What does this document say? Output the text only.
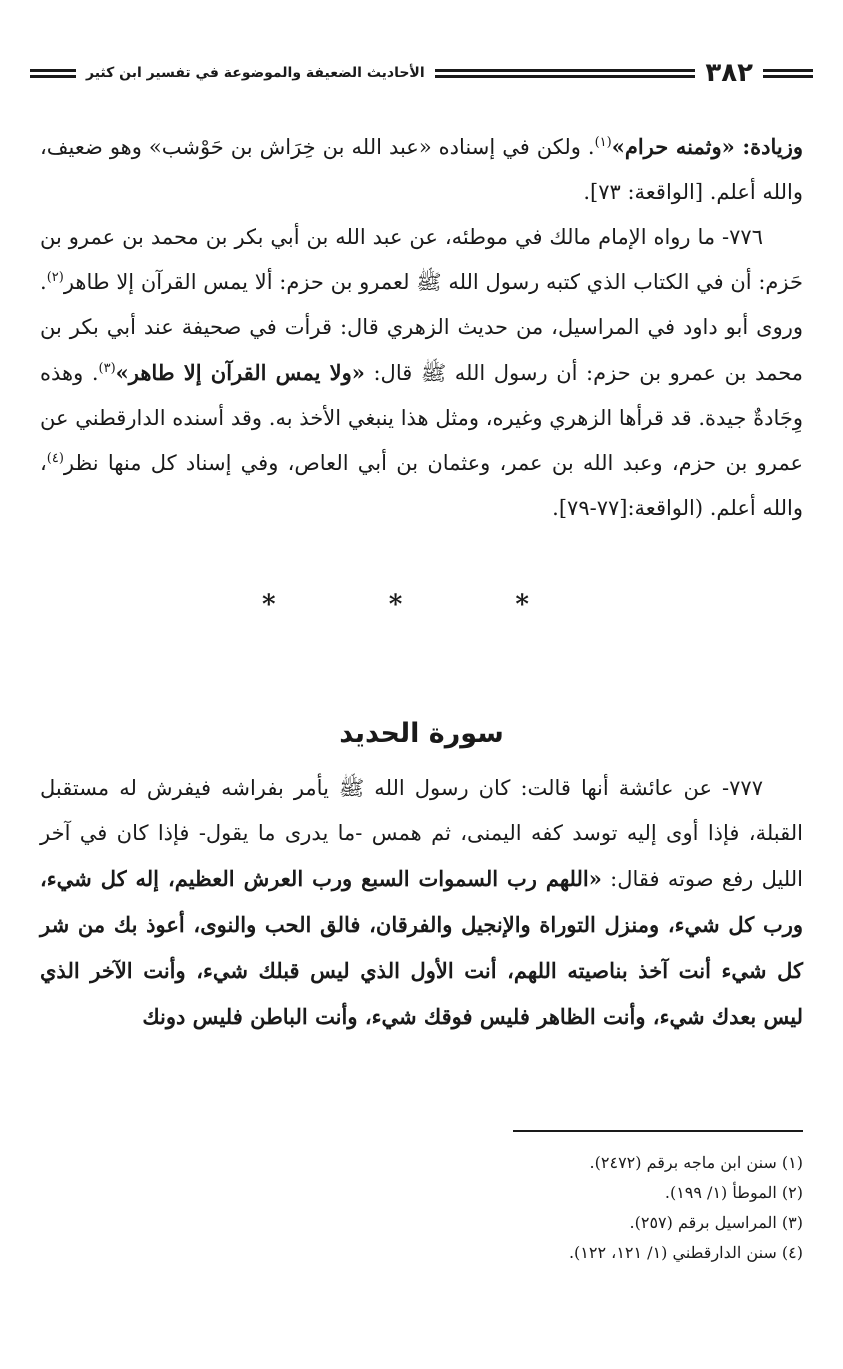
٣٨٢
الأحاديث الضعيفة والموضوعة في تفسير ابن كثير

وزيادة: «وثمنه حرام»$^{(١)}$. ولكن في إسناده «عبد الله بن خِرَاش بن حَوْشب» وهو ضعيف، والله أعلم. [الواقعة: ٧٣].

٧٧٦- ما رواه الإمام مالك في موطئه، عن عبد الله بن أبي بكر بن محمد بن عمرو بن حَزم: أن في الكتاب الذي كتبه رسول الله ﷺ لعمرو بن حزم: ألا يمس القرآن إلا طاهر$^{(٢)}$. وروى أبو داود في المراسيل، من حديث الزهري قال: قرأت في صحيفة عند أبي بكر بن محمد بن عمرو بن حزم: أن رسول الله ﷺ قال: «ولا يمس القرآن إلا طاهر»$^{(٣)}$. وهذه وِجَادةٌ جيدة. قد قرأها الزهري وغيره، ومثل هذا ينبغي الأخذ به. وقد أسنده الدارقطني عن عمرو بن حزم، وعبد الله بن عمر، وعثمان بن أبي العاص، وفي إسناد كل منها نظر$^{(٤)}$، والله أعلم. (الواقعة:[٧٧-٧٩].

* * *
سورة الحديد

٧٧٧- عن عائشة أنها قالت: كان رسول الله ﷺ يأمر بفراشه فيفرش له مستقبل القبلة، فإذا أوى إليه توسد كفه اليمنى، ثم همس -ما يدرى ما يقول- فإذا كان في آخر الليل رفع صوته فقال: «اللهم رب السموات السبع ورب العرش العظيم، إله كل شيء، ورب كل شيء، ومنزل التوراة والإنجيل والفرقان، فالق الحب والنوى، أعوذ بك من شر كل شيء أنت آخذ بناصيته اللهم، أنت الأول الذي ليس قبلك شيء، وأنت الآخر الذي ليس بعدك شيء، وأنت الظاهر فليس فوقك شيء، وأنت الباطن فليس دونك

(١) سنن ابن ماجه برقم (٢٤٧٢).
(٢) الموطأ (١/ ١٩٩).
(٣) المراسيل برقم (٢٥٧).
(٤) سنن الدارقطني (١/ ١٢١، ١٢٢).
